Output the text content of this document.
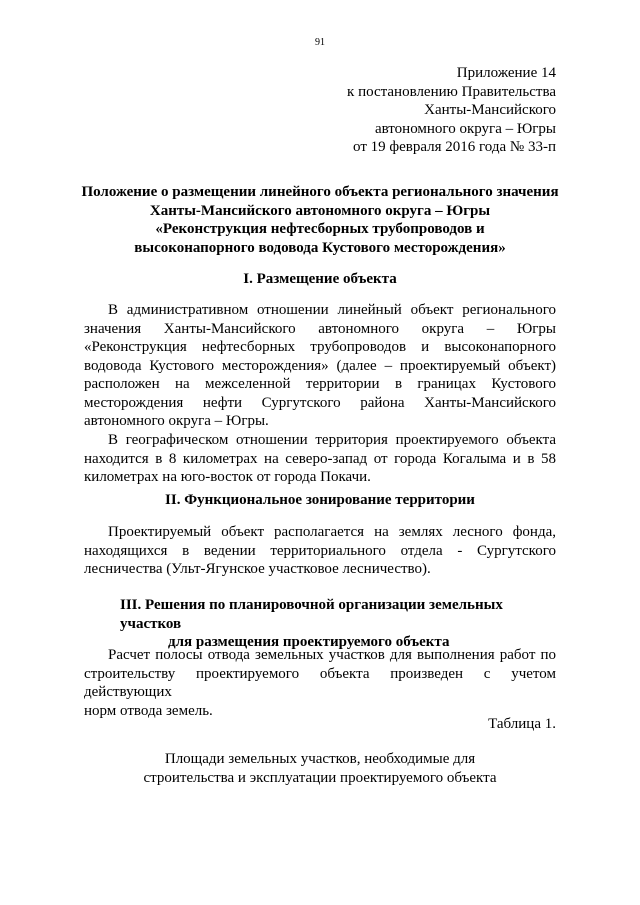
91
Приложение 14
к постановлению Правительства
Ханты-Мансийского
автономного округа – Югры
от 19 февраля 2016 года № 33-п
Положение о размещении линейного объекта регионального значения
Ханты-Мансийского автономного округа – Югры
«Реконструкция нефтесборных трубопроводов и
высоконапорного водовода Кустового месторождения»
I. Размещение объекта
В административном отношении линейный объект регионального
значения Ханты-Мансийского автономного округа – Югры
«Реконструкция нефтесборных трубопроводов и высоконапорного
водовода Кустового месторождения» (далее – проектируемый объект)
расположен на межселенной территории в границах Кустового
месторождения нефти Сургутского района Ханты-Мансийского
автономного округа – Югры.
В географическом отношении территория проектируемого объекта
находится в 8 километрах на северо-запад от города Когалыма и в 58
километрах на юго-восток от города Покачи.
II. Функциональное зонирование территории
Проектируемый объект располагается на землях лесного фонда,
находящихся в ведении территориального отдела - Сургутского
лесничества (Ульт-Ягунское участковое лесничество).
III. Решения по планировочной организации земельных участков
для размещения проектируемого объекта
Расчет полосы отвода земельных участков для выполнения работ по
строительству проектируемого объекта произведен с учетом действующих
норм отвода земель.
Таблица 1.
Площади земельных участков, необходимые для
строительства и эксплуатации проектируемого объекта
